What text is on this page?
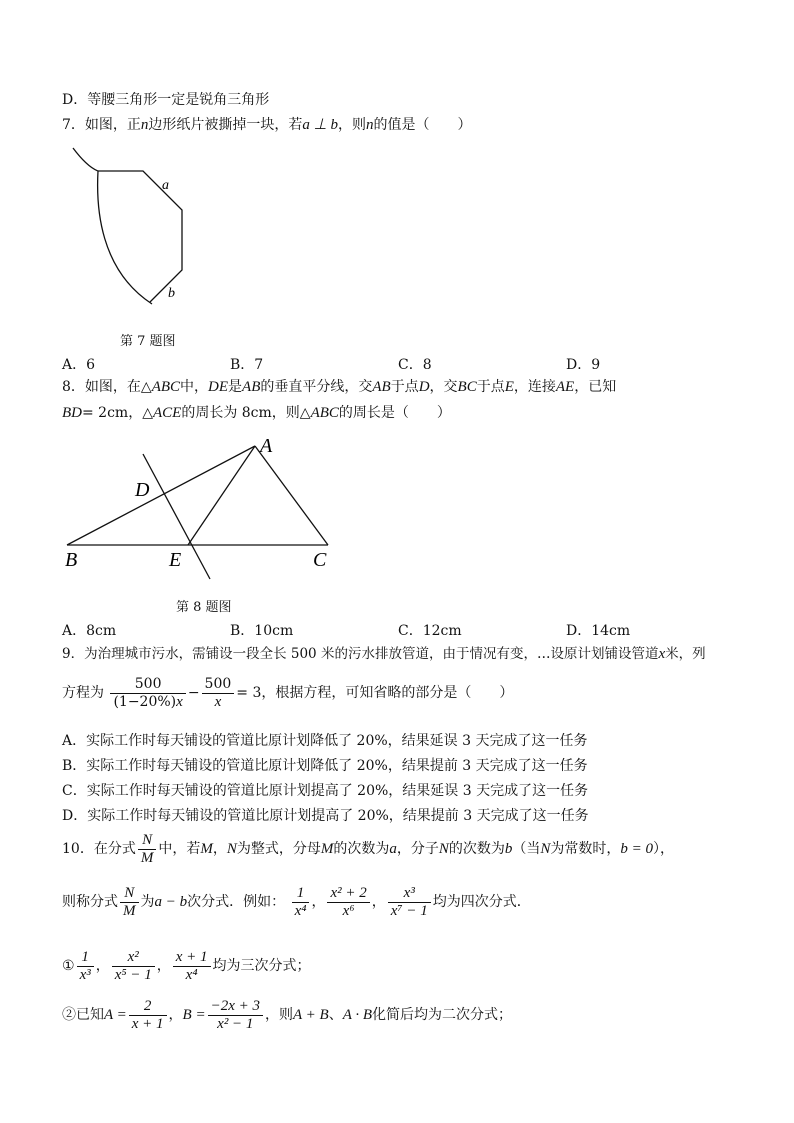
D．等腰三角形一定是锐角三角形
7．如图，正n边形纸片被撕掉一块，若a ⊥ b，则n的值是（　　）
a
b
第 7 题图
A．6	B．7	C．8	D．9
8．如图，在△ABC中，DE是AB的垂直平分线，交AB于点D，交BC于点E，连接AE，已知
BD= 2cm，△ACE的周长为 8cm，则△ABC的周长是（　　）
A
D
B	E	C
第 8 题图
A．8cm	B．10cm	C．12cm	D．14cm
9．为治理城市污水，需铺设一段全长 500 米的污水排放管道，由于情况有变，…设原计划铺设管道x米，列
方程为 $\frac{500}{(1-20\%)x} - \frac{500}{x} = 3$，根据方程，可知省略的部分是（　　）
A．实际工作时每天铺设的管道比原计划降低了 20%，结果延误 3 天完成了这一任务
B．实际工作时每天铺设的管道比原计划降低了 20%，结果提前 3 天完成了这一任务
C．实际工作时每天铺设的管道比原计划提高了 20%，结果延误 3 天完成了这一任务
D．实际工作时每天铺设的管道比原计划提高了 20%，结果提前 3 天完成了这一任务
10．在分式 $\frac{N}{M}$ 中，若M，N为整式，分母M的次数为a，分子N的次数为b（当N为常数时，b = 0），
则称分式 $\frac{N}{M}$ 为a − b次分式．例如： $\frac{1}{\text{x⁴}}$ ， $\frac{\text{x² + 2}}{\text{x⁶}}$ ， $\frac{\text{x³}}{\text{x⁷ − 1}}$ 均为四次分式．
① $\frac{1}{\text{x³}}$ ， $\frac{\text{x²}}{\text{x⁵ − 1}}$ ， $\frac{x + 1}{\text{x⁴}}$ 均为三次分式；
②已知$A = \frac{2}{x + 1}$ ，$B = \frac{-2x + 3}{\text{x² − 1}}$ ，则A + B、A · B化简后均为二次分式；
